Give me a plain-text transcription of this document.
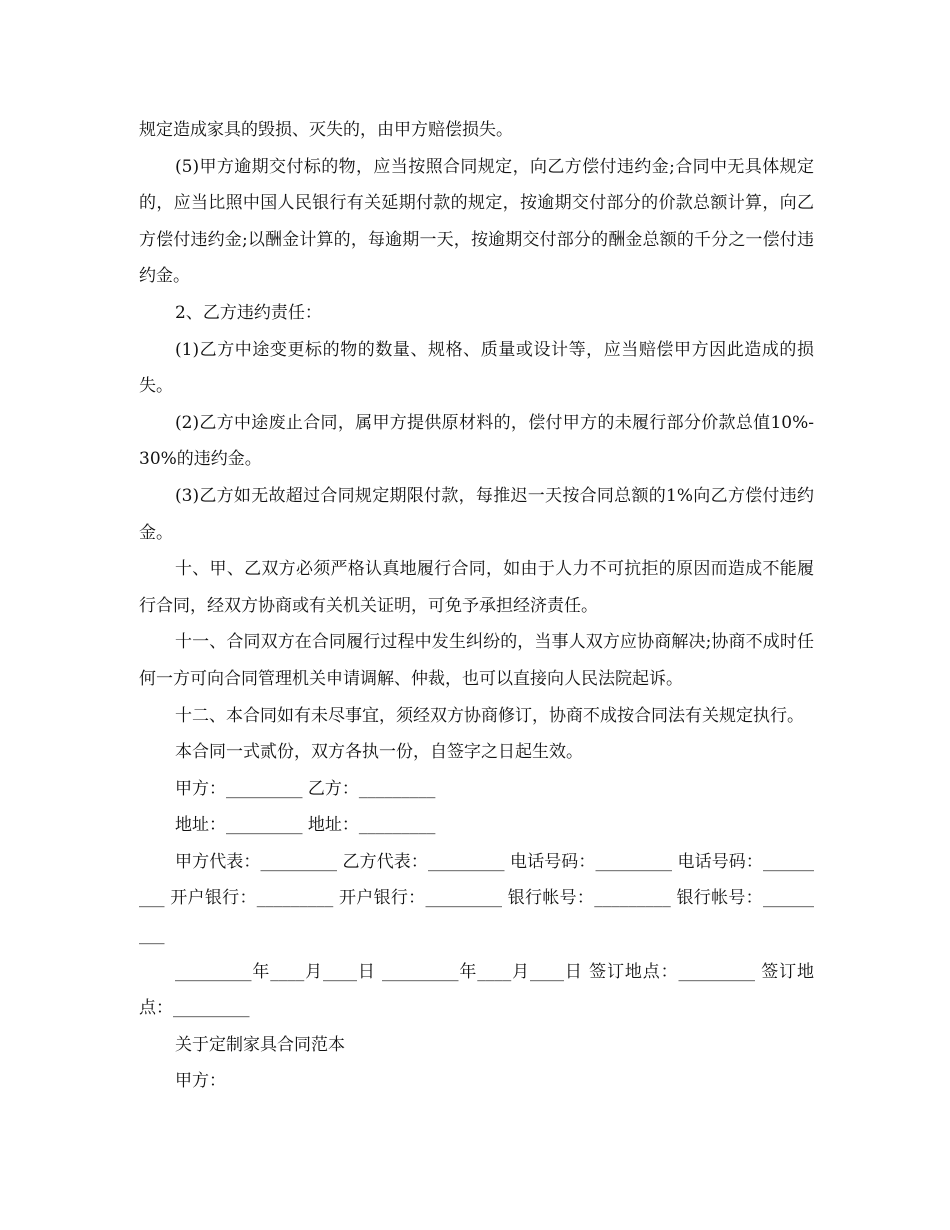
规定造成家具的毁损、灭失的，由甲方赔偿损失。

(5)甲方逾期交付标的物，应当按照合同规定，向乙方偿付违约金;合同中无具体规定的，应当比照中国人民银行有关延期付款的规定，按逾期交付部分的价款总额计算，向乙方偿付违约金;以酬金计算的，每逾期一天，按逾期交付部分的酬金总额的千分之一偿付违约金。

2、乙方违约责任：

(1)乙方中途变更标的物的数量、规格、质量或设计等，应当赔偿甲方因此造成的损失。

(2)乙方中途废止合同，属甲方提供原材料的，偿付甲方的未履行部分价款总值10%-30%的违约金。

(3)乙方如无故超过合同规定期限付款，每推迟一天按合同总额的1%向乙方偿付违约金。

十、甲、乙双方必须严格认真地履行合同，如由于人力不可抗拒的原因而造成不能履行合同，经双方协商或有关机关证明，可免予承担经济责任。

十一、合同双方在合同履行过程中发生纠纷的，当事人双方应协商解决;协商不成时任何一方可向合同管理机关申请调解、仲裁，也可以直接向人民法院起诉。

十二、本合同如有未尽事宜，须经双方协商修订，协商不成按合同法有关规定执行。

本合同一式贰份，双方各执一份，自签字之日起生效。

甲方：_________ 乙方：_________

地址：_________ 地址：_________

甲方代表：_________ 乙方代表：_________ 电话号码：_________ 电话号码：_________ 开户银行：_________ 开户银行：_________ 银行帐号：_________ 银行帐号：_________

_________年____月____日 _________年____月____日 签订地点：_________ 签订地点：_________

关于定制家具合同范本

甲方：
